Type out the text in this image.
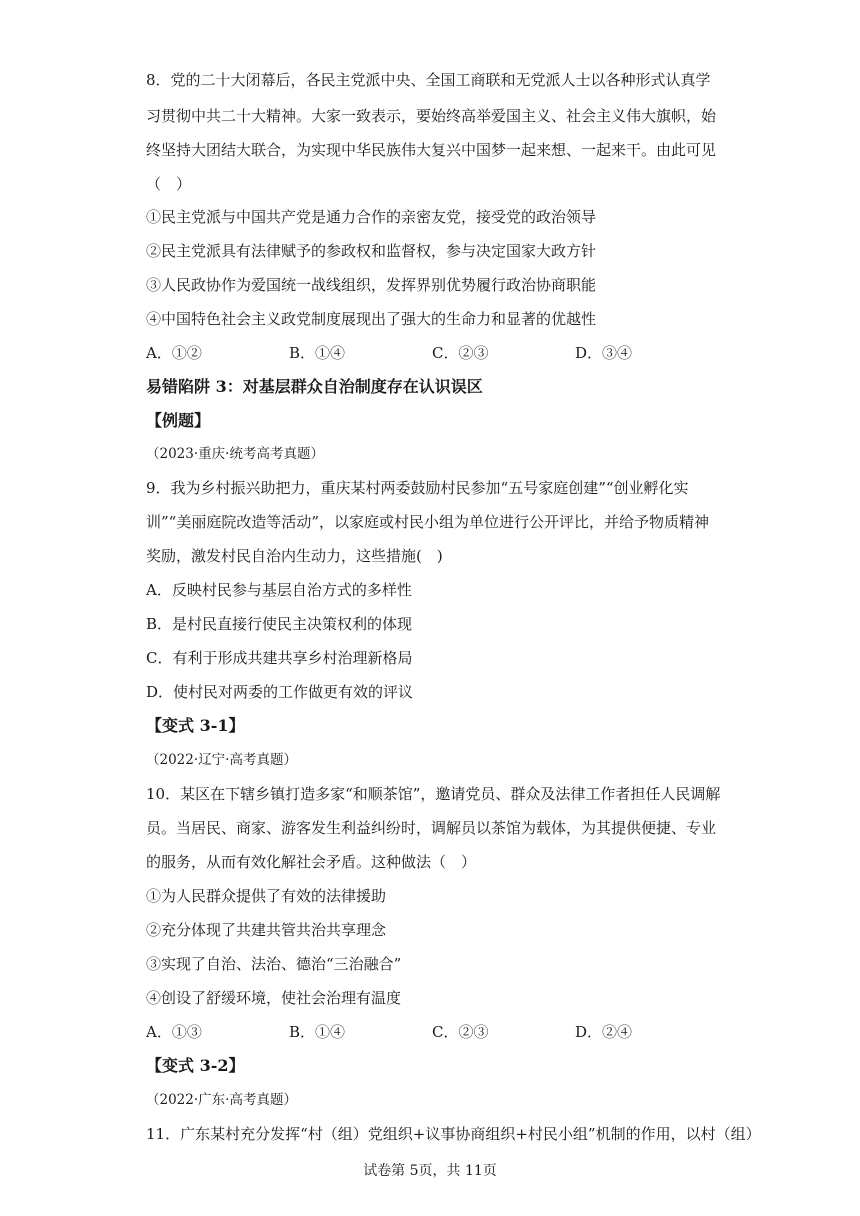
8．党的二十大闭幕后，各民主党派中央、全国工商联和无党派人士以各种形式认真学
习贯彻中共二十大精神。大家一致表示，要始终高举爱国主义、社会主义伟大旗帜，始
终坚持大团结大联合，为实现中华民族伟大复兴中国梦一起来想、一起来干。由此可见
（　）
①民主党派与中国共产党是通力合作的亲密友党，接受党的政治领导
②民主党派具有法律赋予的参政权和监督权，参与决定国家大政方针
③人民政协作为爱国统一战线组织，发挥界别优势履行政治协商职能
④中国特色社会主义政党制度展现出了强大的生命力和显著的优越性
A．①②	B．①④	C．②③	D．③④
易错陷阱 3：对基层群众自治制度存在认识误区
【例题】
（2023·重庆·统考高考真题）
9．我为乡村振兴助把力，重庆某村两委鼓励村民参加“五号家庭创建”“创业孵化实
训”“美丽庭院改造等活动”，以家庭或村民小组为单位进行公开评比，并给予物质精神
奖励，激发村民自治内生动力，这些措施(　)
A．反映村民参与基层自治方式的多样性
B．是村民直接行使民主决策权利的体现
C．有利于形成共建共享乡村治理新格局
D．使村民对两委的工作做更有效的评议
【变式 3-1】
（2022·辽宁·高考真题）
10．某区在下辖乡镇打造多家“和顺茶馆”，邀请党员、群众及法律工作者担任人民调解
员。当居民、商家、游客发生利益纠纷时，调解员以茶馆为载体，为其提供便捷、专业
的服务，从而有效化解社会矛盾。这种做法（　）
①为人民群众提供了有效的法律援助
②充分体现了共建共管共治共享理念
③实现了自治、法治、德治“三治融合”
④创设了舒缓环境，使社会治理有温度
A．①③	B．①④	C．②③	D．②④
【变式 3-2】
（2022·广东·高考真题）
11．广东某村充分发挥“村（组）党组织+议事协商组织+村民小组”机制的作用，以村（组）
试卷第 5页，共 11页
